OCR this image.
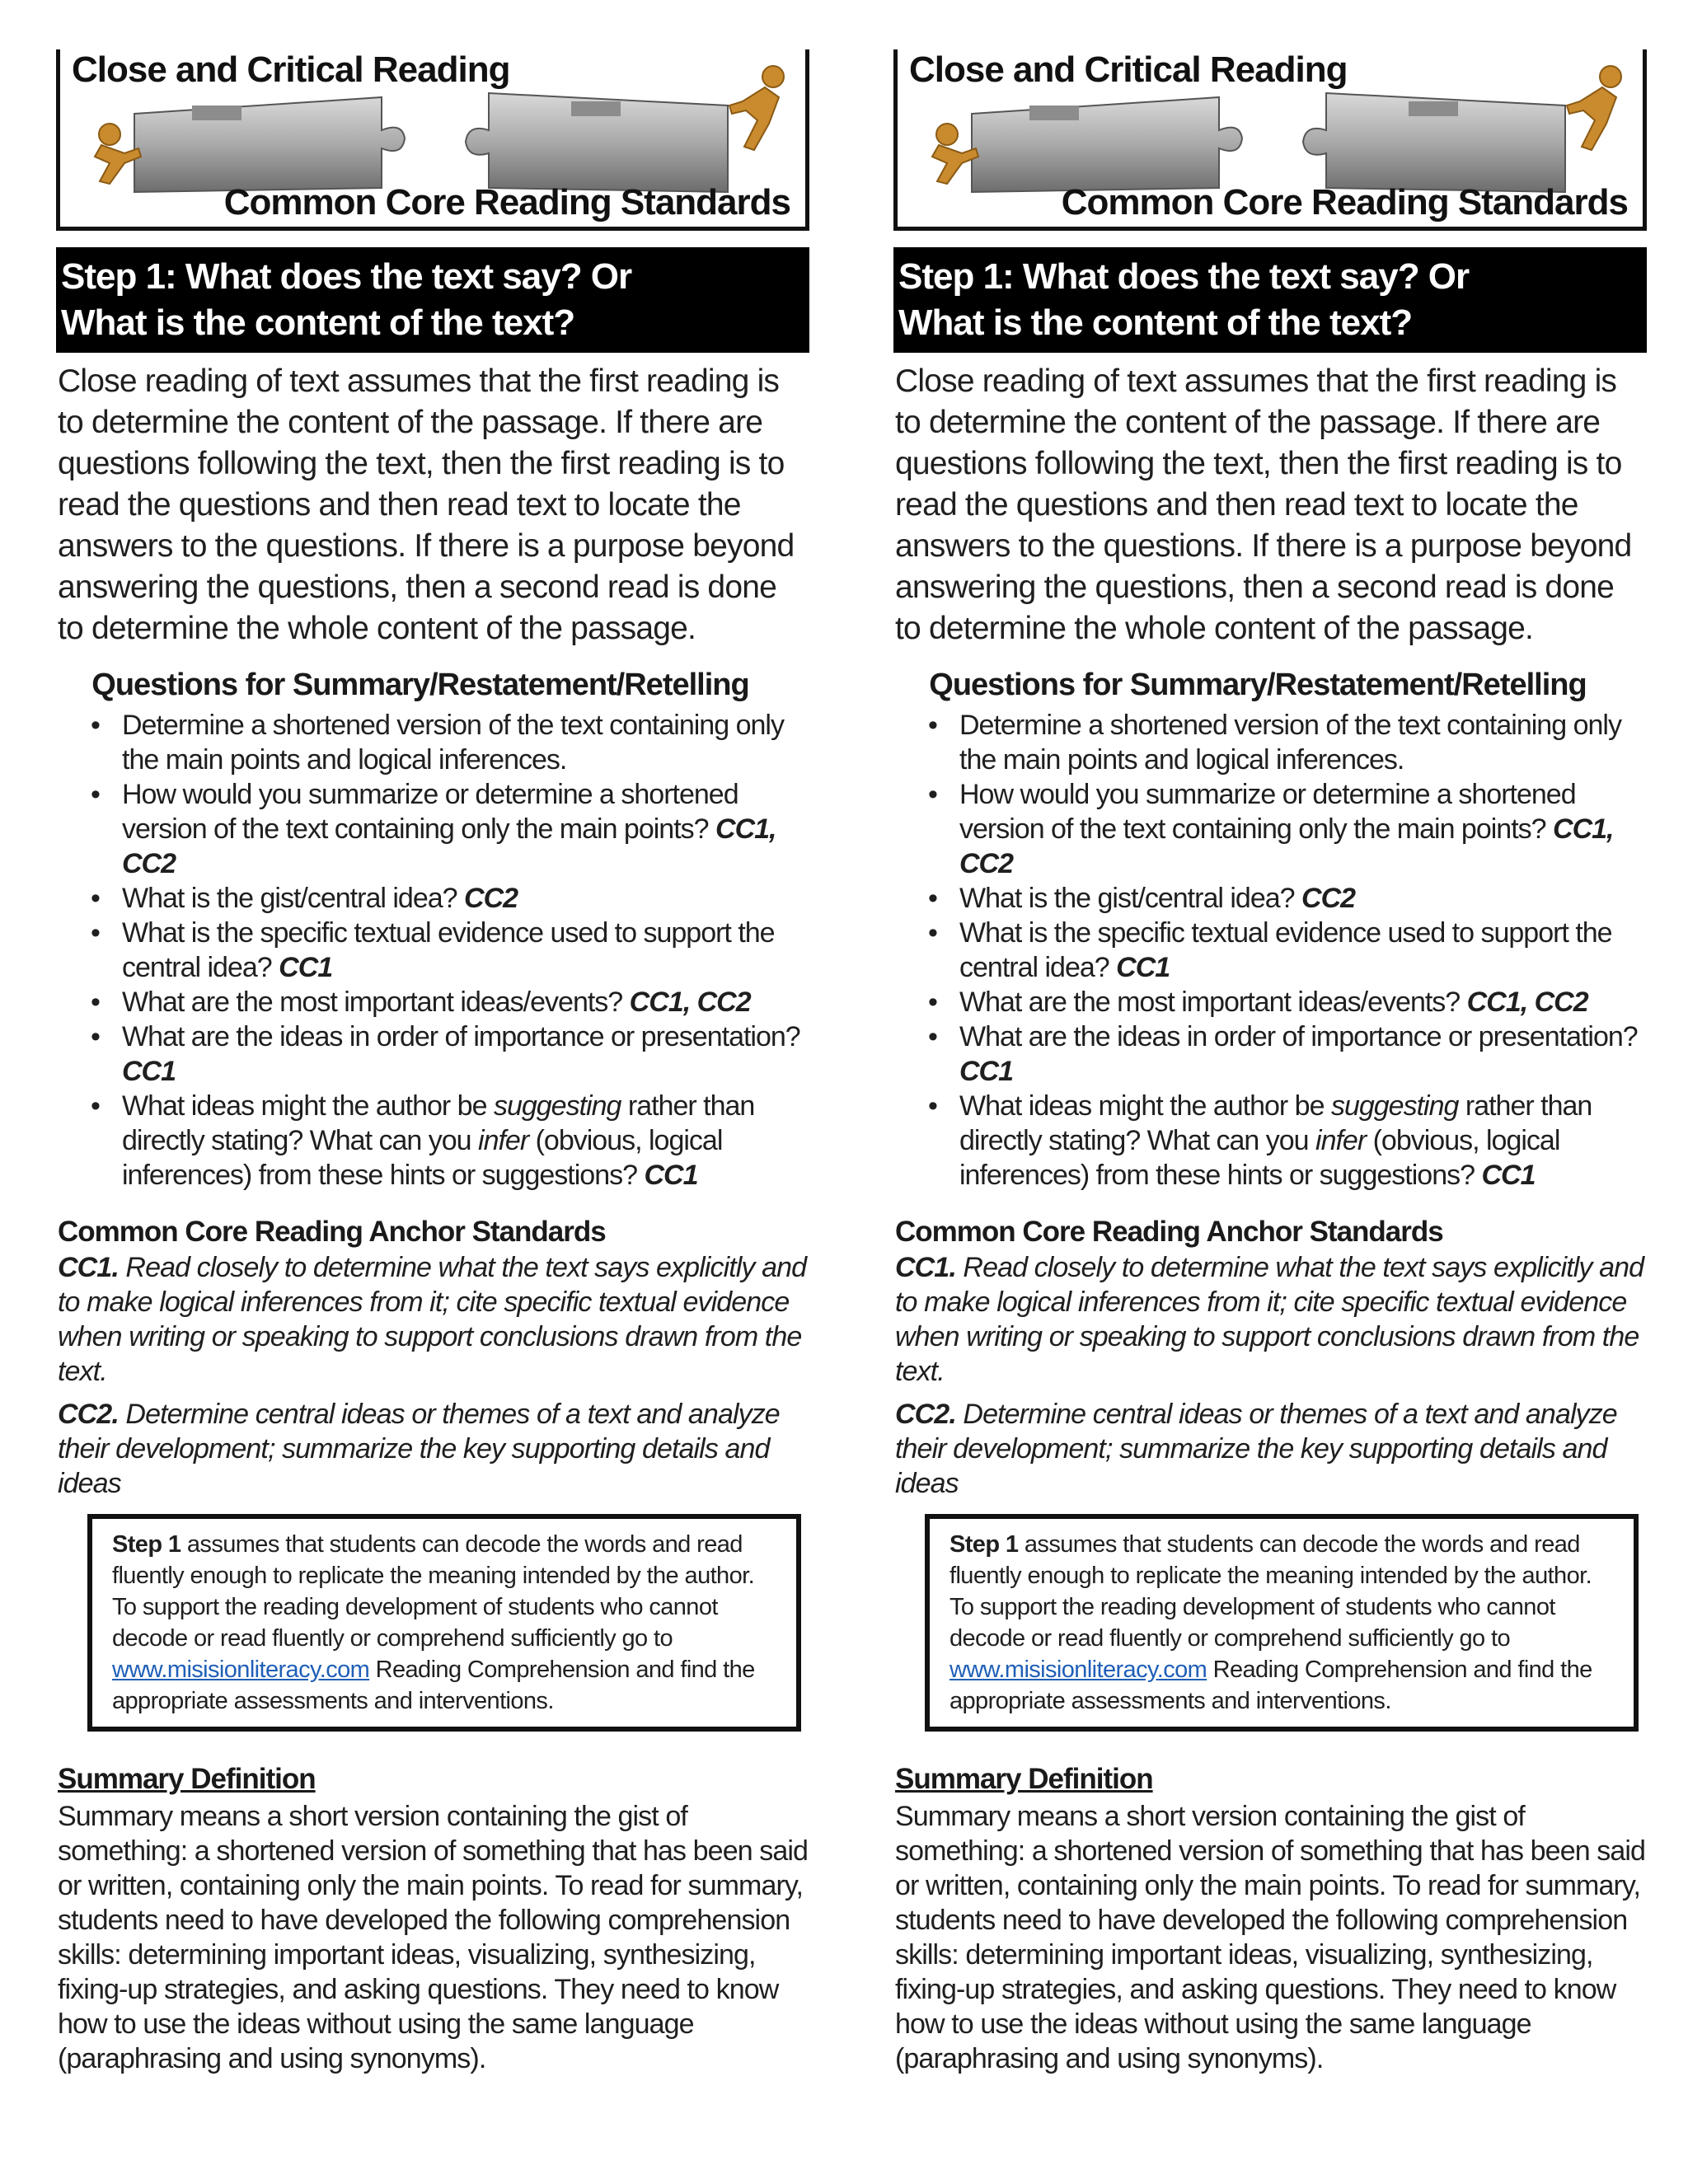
Close and Critical Reading
Common Core Reading Standards
Step 1: What does the text say? Or
What is the content of the text?
Close reading of text assumes that the first reading is to determine the content of the passage. If there are questions following the text, then the first reading is to read the questions and then read text to locate the answers to the questions. If there is a purpose beyond answering the questions, then a second read is done to determine the whole content of the passage.
Questions for Summary/Restatement/Retelling
• Determine a shortened version of the text containing only the main points and logical inferences.
• How would you summarize or determine a shortened version of the text containing only the main points? CC1, CC2
• What is the gist/central idea? CC2
• What is the specific textual evidence used to support the central idea? CC1
• What are the most important ideas/events? CC1, CC2
• What are the ideas in order of importance or presentation? CC1
• What ideas might the author be suggesting rather than directly stating? What can you infer (obvious, logical inferences) from these hints or suggestions? CC1
Common Core Reading Anchor Standards
CC1. Read closely to determine what the text says explicitly and to make logical inferences from it; cite specific textual evidence when writing or speaking to support conclusions drawn from the text.
CC2. Determine central ideas or themes of a text and analyze their development; summarize the key supporting details and ideas
Step 1 assumes that students can decode the words and read fluently enough to replicate the meaning intended by the author. To support the reading development of students who cannot decode or read fluently or comprehend sufficiently go to www.misisionliteracy.com Reading Comprehension and find the appropriate assessments and interventions.
Summary Definition
Summary means a short version containing the gist of something: a shortened version of something that has been said or written, containing only the main points. To read for summary, students need to have developed the following comprehension skills: determining important ideas, visualizing, synthesizing, fixing-up strategies, and asking questions. They need to know how to use the ideas without using the same language (paraphrasing and using synonyms).
Close and Critical Reading
Common Core Reading Standards
Step 1: What does the text say? Or
What is the content of the text?
Close reading of text assumes that the first reading is to determine the content of the passage. If there are questions following the text, then the first reading is to read the questions and then read text to locate the answers to the questions. If there is a purpose beyond answering the questions, then a second read is done to determine the whole content of the passage.
Questions for Summary/Restatement/Retelling
• Determine a shortened version of the text containing only the main points and logical inferences.
• How would you summarize or determine a shortened version of the text containing only the main points? CC1, CC2
• What is the gist/central idea? CC2
• What is the specific textual evidence used to support the central idea? CC1
• What are the most important ideas/events? CC1, CC2
• What are the ideas in order of importance or presentation? CC1
• What ideas might the author be suggesting rather than directly stating? What can you infer (obvious, logical inferences) from these hints or suggestions? CC1
Common Core Reading Anchor Standards
CC1. Read closely to determine what the text says explicitly and to make logical inferences from it; cite specific textual evidence when writing or speaking to support conclusions drawn from the text.
CC2. Determine central ideas or themes of a text and analyze their development; summarize the key supporting details and ideas
Step 1 assumes that students can decode the words and read fluently enough to replicate the meaning intended by the author. To support the reading development of students who cannot decode or read fluently or comprehend sufficiently go to www.misisionliteracy.com Reading Comprehension and find the appropriate assessments and interventions.
Summary Definition
Summary means a short version containing the gist of something: a shortened version of something that has been said or written, containing only the main points. To read for summary, students need to have developed the following comprehension skills: determining important ideas, visualizing, synthesizing, fixing-up strategies, and asking questions. They need to know how to use the ideas without using the same language (paraphrasing and using synonyms).
